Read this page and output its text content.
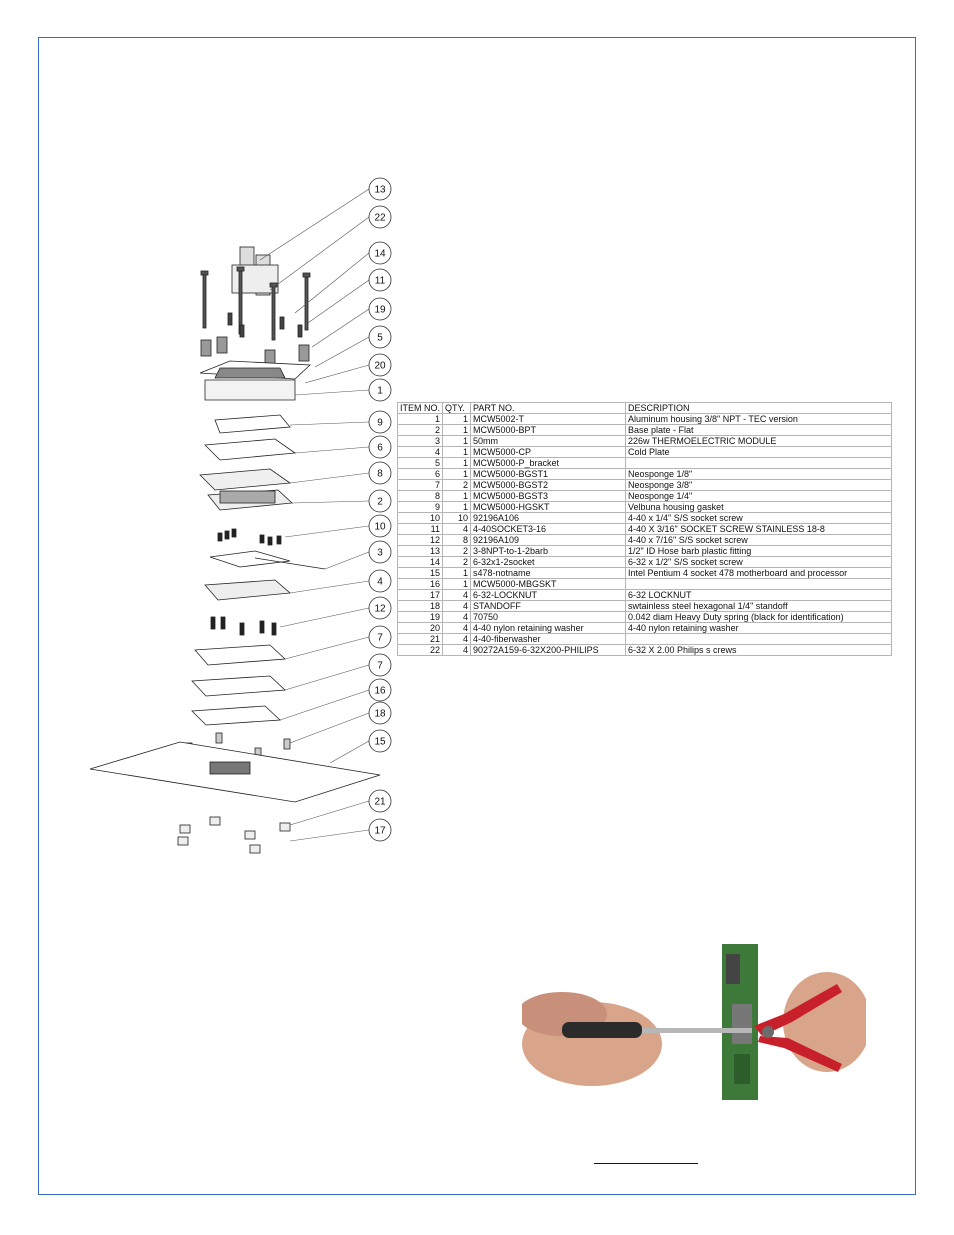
13
22
14
11
19
5
20
1
9
6
8
2
10
3
4
12
7
7
16
18
15
21
17
ITEM NO.	QTY.	PART NO.	DESCRIPTION
1	1	MCW5002-T	Aluminum housing 3/8" NPT - TEC version
2	1	MCW5000-BPT	Base plate - Flat
3	1	50mm	226w THERMOELECTRIC MODULE
4	1	MCW5000-CP	Cold Plate
5	1	MCW5000-P_bracket	
6	1	MCW5000-BGST1	Neosponge 1/8"
7	2	MCW5000-BGST2	Neosponge 3/8"
8	1	MCW5000-BGST3	Neosponge 1/4"
9	1	MCW5000-HGSKT	Velbuna housing gasket
10	10	92196A106	4-40 x 1/4" S/S socket screw
11	4	4-40SOCKET3-16	4-40 X 3/16" SOCKET SCREW STAINLESS 18-8
12	8	92196A109	4-40 x 7/16" S/S socket screw
13	2	3-8NPT-to-1-2barb	1/2" ID Hose barb plastic fitting
14	2	6-32x1-2socket	6-32 x 1/2" S/S socket screw
15	1	s478-notname	Intel Pentium 4 socket 478 motherboard and processor
16	1	MCW5000-MBGSKT	
17	4	6-32-LOCKNUT	6-32 LOCKNUT
18	4	STANDOFF	swtainless steel hexagonal 1/4" standoff
19	4	70750	0.042 diam Heavy Duty spring (black for identification)
20	4	4-40 nylon retaining washer	4-40 nylon retaining washer
21	4	4-40-fiberwasher	
22	4	90272A159-6-32X200-PHILIPS	6-32 X 2.00 Philips s crews
